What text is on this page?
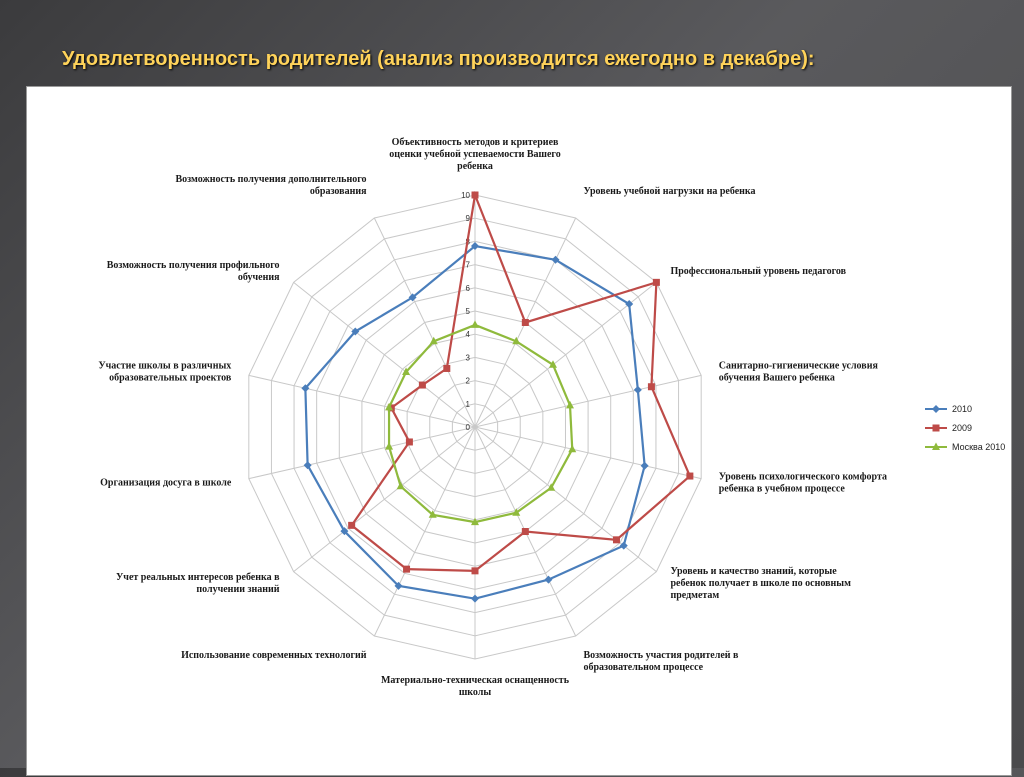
Удовлетворенность родителей (анализ производится ежегодно в декабре):
0
1
2
3
4
5
6
7
8
9
10
Объективность методов и критериев оценки учебной успеваемости Вашего ребенка
Уровень учебной нагрузки на ребенка
Профессиональный уровень педагогов
Санитарно-гигиенические условия обучения Вашего ребенка
Уровень психологического комфорта ребенка в учебном процессе
Уровень и качество знаний, которые ребенок получает в школе по основным предметам
Возможность участия родителей в образовательном процессе
Материально-техническая оснащенность школы
Использование современных технологий
Учет реальных интересов ребенка в получении знаний
Организация досуга в школе
Участие школы в различных образовательных проектов
Возможность получения профильного обучения
Возможность получения дополнительного образования
2010
2009
Москва 2010
